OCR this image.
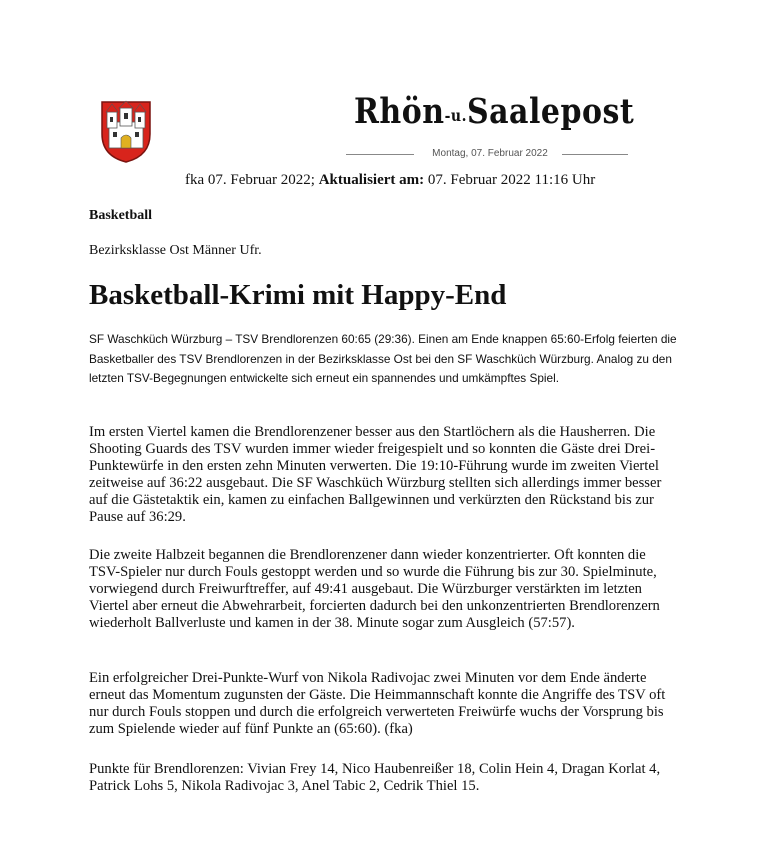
Rhön-u.Saalepost
Montag, 07. Februar 2022
fka 07. Februar 2022; Aktualisiert am: 07. Februar 2022 11:16 Uhr
Basketball
Bezirksklasse Ost Männer Ufr.
Basketball-Krimi mit Happy-End
SF Waschküch Würzburg – TSV Brendlorenzen 60:65 (29:36). Einen am Ende knappen 65:60-Erfolg feierten die Basketballer des TSV Brendlorenzen in der Bezirksklasse Ost bei den SF Waschküch Würzburg. Analog zu den letzten TSV-Begegnungen entwickelte sich erneut ein spannendes und umkämpftes Spiel.
Im ersten Viertel kamen die Brendlorenzener besser aus den Startlöchern als die Hausherren. Die Shooting Guards des TSV wurden immer wieder freigespielt und so konnten die Gäste drei Drei-Punktewürfe in den ersten zehn Minuten verwerten. Die 19:10-Führung wurde im zweiten Viertel zeitweise auf 36:22 ausgebaut. Die SF Waschküch Würzburg stellten sich allerdings immer besser auf die Gästetaktik ein, kamen zu einfachen Ballgewinnen und verkürzten den Rückstand bis zur Pause auf 36:29.
Die zweite Halbzeit begannen die Brendlorenzener dann wieder konzentrierter. Oft konnten die TSV-Spieler nur durch Fouls gestoppt werden und so wurde die Führung bis zur 30. Spielminute, vorwiegend durch Freiwurftreffer, auf 49:41 ausgebaut. Die Würzburger verstärkten im letzten Viertel aber erneut die Abwehrarbeit, forcierten dadurch bei den unkonzentrierten Brendlorenzern wiederholt Ballverluste und kamen in der 38. Minute sogar zum Ausgleich (57:57).
Ein erfolgreicher Drei-Punkte-Wurf von Nikola Radivojac zwei Minuten vor dem Ende änderte erneut das Momentum zugunsten der Gäste. Die Heimmannschaft konnte die Angriffe des TSV oft nur durch Fouls stoppen und durch die erfolgreich verwerteten Freiwürfe wuchs der Vorsprung bis zum Spielende wieder auf fünf Punkte an (65:60). (fka)
Punkte für Brendlorenzen: Vivian Frey 14, Nico Haubenreißer 18, Colin Hein 4, Dragan Korlat 4, Patrick Lohs 5, Nikola Radivojac 3, Anel Tabic 2, Cedrik Thiel 15.
